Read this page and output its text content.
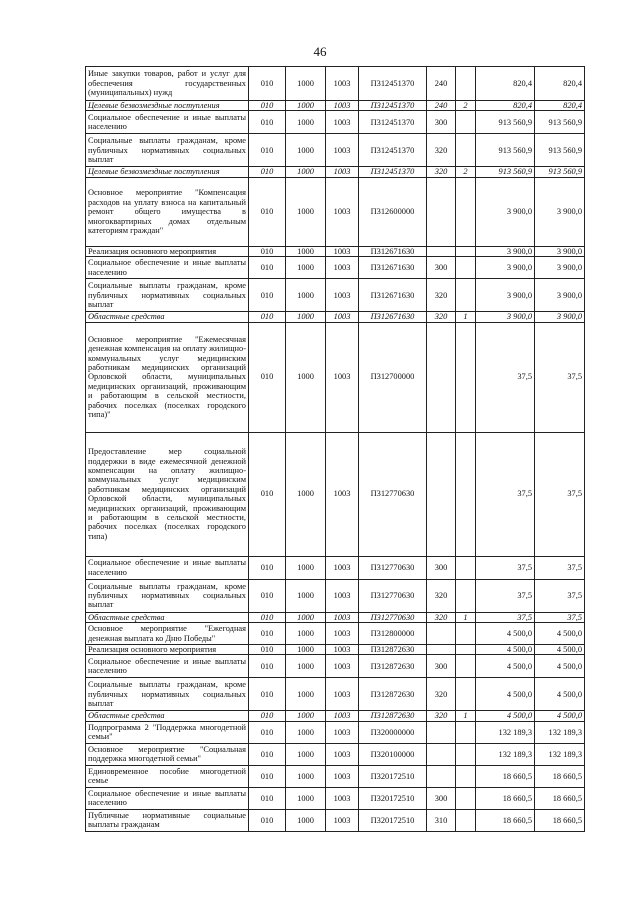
46
Иные закупки товаров, работ и услуг для обеспечения государственных (муниципальных) нужд	010	1000	1003	П312451370	240		820,4	820,4
Целевые безвозмездные поступления	010	1000	1003	П312451370	240	2	820,4	820,4
Социальное обеспечение и иные выплаты населению	010	1000	1003	П312451370	300		913 560,9	913 560,9
Социальные выплаты гражданам, кроме публичных нормативных социальных выплат	010	1000	1003	П312451370	320		913 560,9	913 560,9
Целевые безвозмездные поступления	010	1000	1003	П312451370	320	2	913 560,9	913 560,9
Основное мероприятие "Компенсация расходов на уплату взноса на капитальный ремонт общего имущества в многоквартирных домах отдельным категориям граждан"	010	1000	1003	П312600000			3 900,0	3 900,0
Реализация основного мероприятия	010	1000	1003	П312671630			3 900,0	3 900,0
Социальное обеспечение и иные выплаты населению	010	1000	1003	П312671630	300		3 900,0	3 900,0
Социальные выплаты гражданам, кроме публичных нормативных социальных выплат	010	1000	1003	П312671630	320		3 900,0	3 900,0
Областные средства	010	1000	1003	П312671630	320	1	3 900,0	3 900,0
Основное мероприятие "Ежемесячная денежная компенсация на оплату жилищно-коммунальных услуг медицинским работникам медицинских организаций Орловской области, муниципальных медицинских организаций, проживающим и работающим в сельской местности, рабочих поселках (поселках городского типа)"	010	1000	1003	П312700000			37,5	37,5
Предоставление мер социальной поддержки в виде ежемесячной денежной компенсации на оплату жилищно-коммунальных услуг медицинским работникам медицинских организаций Орловской области, муниципальных медицинских организаций, проживающим и работающим в сельской местности, рабочих поселках (поселках городского типа)	010	1000	1003	П312770630			37,5	37,5
Социальное обеспечение и иные выплаты населению	010	1000	1003	П312770630	300		37,5	37,5
Социальные выплаты гражданам, кроме публичных нормативных социальных выплат	010	1000	1003	П312770630	320		37,5	37,5
Областные средства	010	1000	1003	П312770630	320	1	37,5	37,5
Основное мероприятие "Ежегодная денежная выплата ко Дню Победы"	010	1000	1003	П312800000			4 500,0	4 500,0
Реализация основного мероприятия	010	1000	1003	П312872630			4 500,0	4 500,0
Социальное обеспечение и иные выплаты населению	010	1000	1003	П312872630	300		4 500,0	4 500,0
Социальные выплаты гражданам, кроме публичных нормативных социальных выплат	010	1000	1003	П312872630	320		4 500,0	4 500,0
Областные средства	010	1000	1003	П312872630	320	1	4 500,0	4 500,0
Подпрограмма 2 "Поддержка многодетной семьи"	010	1000	1003	П320000000			132 189,3	132 189,3
Основное мероприятие "Социальная поддержка многодетной семьи"	010	1000	1003	П320100000			132 189,3	132 189,3
Единовременное пособие многодетной семье	010	1000	1003	П320172510			18 660,5	18 660,5
Социальное обеспечение и иные выплаты населению	010	1000	1003	П320172510	300		18 660,5	18 660,5
Публичные нормативные социальные выплаты гражданам	010	1000	1003	П320172510	310		18 660,5	18 660,5
